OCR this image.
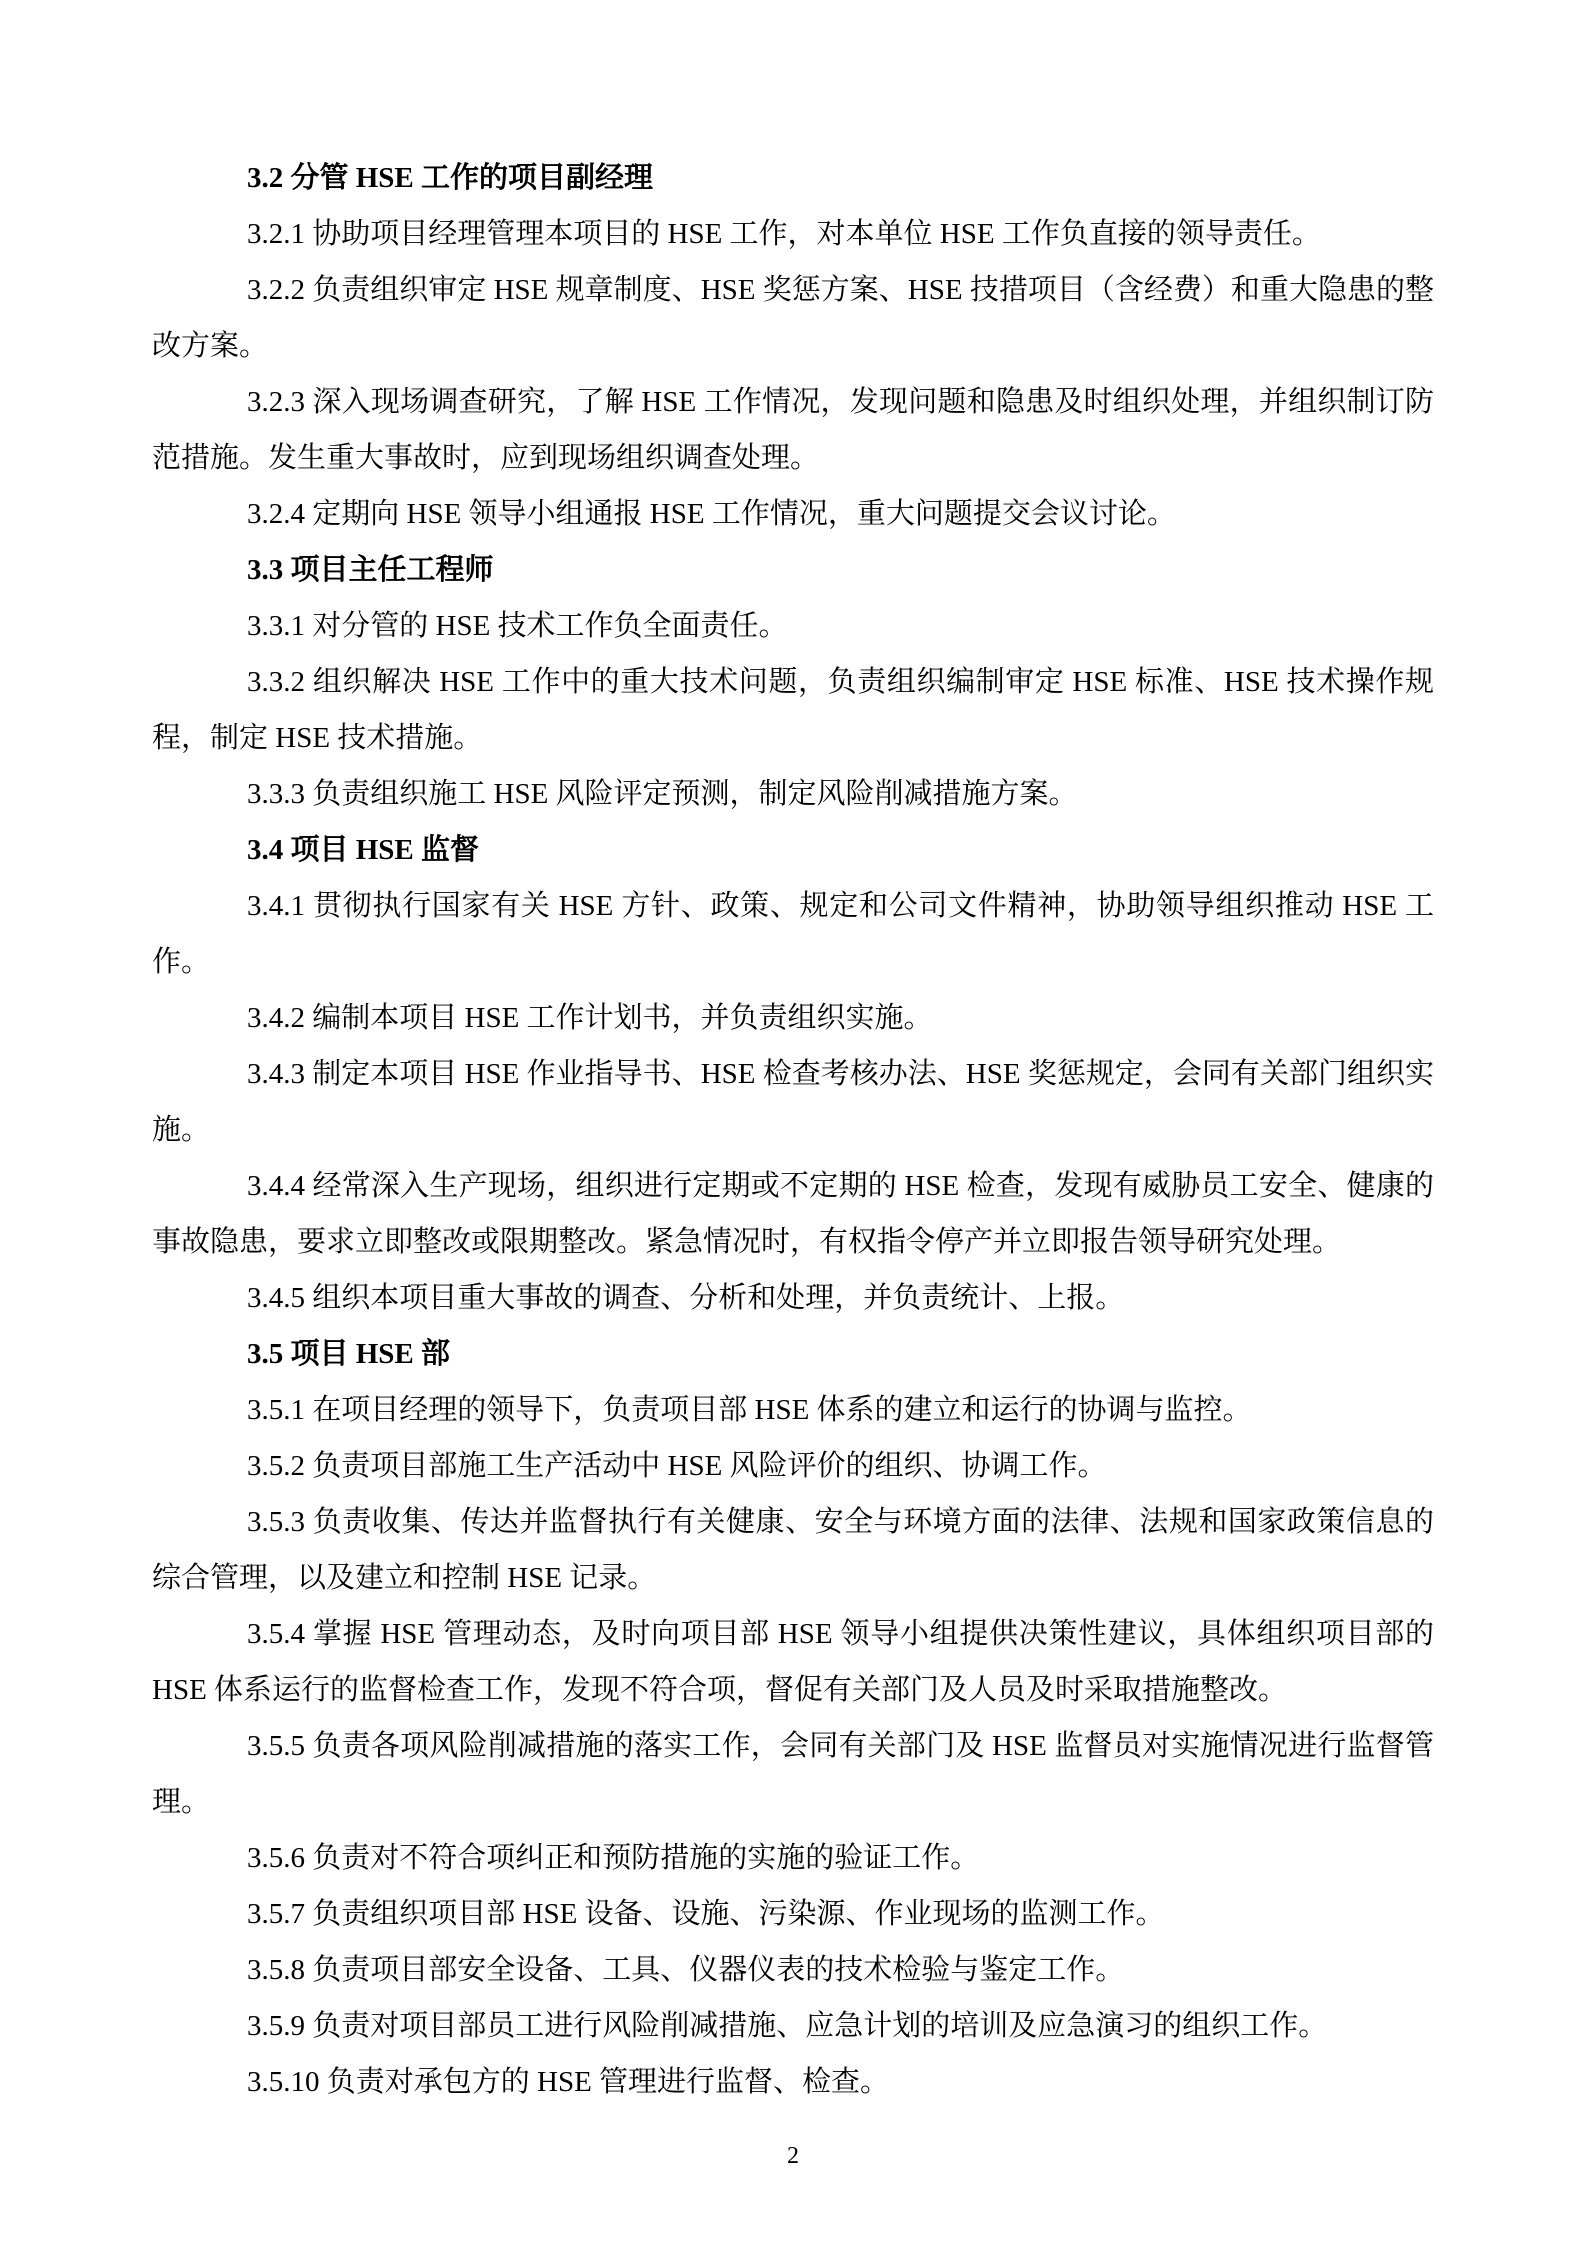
3.2 分管 HSE 工作的项目副经理

3.2.1 协助项目经理管理本项目的 HSE 工作，对本单位 HSE 工作负直接的领导责任。

3.2.2 负责组织审定 HSE 规章制度、HSE 奖惩方案、HSE 技措项目（含经费）和重大隐患的整改方案。

3.2.3 深入现场调查研究，了解 HSE 工作情况，发现问题和隐患及时组织处理，并组织制订防范措施。发生重大事故时，应到现场组织调查处理。

3.2.4 定期向 HSE 领导小组通报 HSE 工作情况，重大问题提交会议讨论。

3.3 项目主任工程师

3.3.1 对分管的 HSE 技术工作负全面责任。

3.3.2 组织解决 HSE 工作中的重大技术问题，负责组织编制审定 HSE 标准、HSE 技术操作规程，制定 HSE 技术措施。

3.3.3 负责组织施工 HSE 风险评定预测，制定风险削减措施方案。

3.4 项目 HSE 监督

3.4.1 贯彻执行国家有关 HSE 方针、政策、规定和公司文件精神，协助领导组织推动 HSE 工作。

3.4.2 编制本项目 HSE 工作计划书，并负责组织实施。

3.4.3 制定本项目 HSE 作业指导书、HSE 检查考核办法、HSE 奖惩规定，会同有关部门组织实施。

3.4.4 经常深入生产现场，组织进行定期或不定期的 HSE 检查，发现有威胁员工安全、健康的事故隐患，要求立即整改或限期整改。紧急情况时，有权指令停产并立即报告领导研究处理。

3.4.5 组织本项目重大事故的调查、分析和处理，并负责统计、上报。

3.5 项目 HSE 部

3.5.1 在项目经理的领导下，负责项目部 HSE 体系的建立和运行的协调与监控。

3.5.2 负责项目部施工生产活动中 HSE 风险评价的组织、协调工作。

3.5.3 负责收集、传达并监督执行有关健康、安全与环境方面的法律、法规和国家政策信息的综合管理，以及建立和控制 HSE 记录。

3.5.4 掌握 HSE 管理动态，及时向项目部 HSE 领导小组提供决策性建议，具体组织项目部的 HSE 体系运行的监督检查工作，发现不符合项，督促有关部门及人员及时采取措施整改。

3.5.5 负责各项风险削减措施的落实工作，会同有关部门及 HSE 监督员对实施情况进行监督管理。

3.5.6 负责对不符合项纠正和预防措施的实施的验证工作。

3.5.7 负责组织项目部 HSE 设备、设施、污染源、作业现场的监测工作。

3.5.8 负责项目部安全设备、工具、仪器仪表的技术检验与鉴定工作。

3.5.9 负责对项目部员工进行风险削减措施、应急计划的培训及应急演习的组织工作。

3.5.10 负责对承包方的 HSE 管理进行监督、检查。

2
